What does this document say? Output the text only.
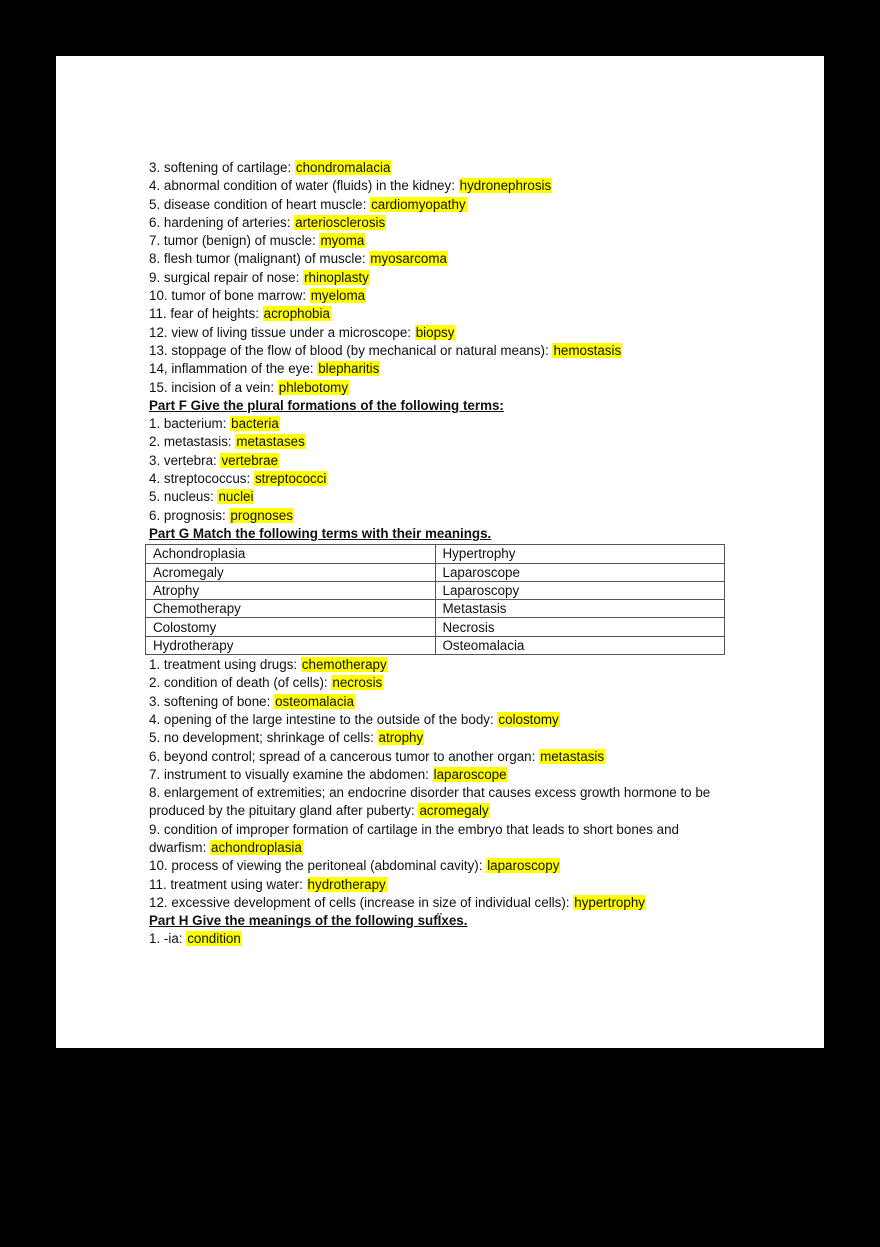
3. softening of cartilage: chondromalacia
4. abnormal condition of water (fluids) in the kidney: hydronephrosis
5. disease condition of heart muscle: cardiomyopathy
6. hardening of arteries: arteriosclerosis
7. tumor (benign) of muscle: myoma
8. flesh tumor (malignant) of muscle: myosarcoma
9. surgical repair of nose: rhinoplasty
10. tumor of bone marrow: myeloma
11. fear of heights: acrophobia
12. view of living tissue under a microscope: biopsy
13. stoppage of the flow of blood (by mechanical or natural means): hemostasis
14, inflammation of the eye: blepharitis
15. incision of a vein: phlebotomy
Part F Give the plural formations of the following terms:
1. bacterium: bacteria
2. metastasis: metastases
3. vertebra: vertebrae
4. streptococcus: streptococci
5. nucleus: nuclei
6. prognosis: prognoses
Part G Match the following terms with their meanings.
Achondroplasia	Hypertrophy
Acromegaly	Laparoscope
Atrophy	Laparoscopy
Chemotherapy	Metastasis
Colostomy	Necrosis
Hydrotherapy	Osteomalacia
1. treatment using drugs: chemotherapy
2. condition of death (of cells): necrosis
3. softening of bone: osteomalacia
4. opening of the large intestine to the outside of the body: colostomy
5. no development; shrinkage of cells: atrophy
6. beyond control; spread of a cancerous tumor to another organ: metastasis
7. instrument to visually examine the abdomen: laparoscope
8. enlargement of extremities; an endocrine disorder that causes excess growth hormone to be produced by the pituitary gland after puberty: acromegaly
9. condition of improper formation of cartilage in the embryo that leads to short bones and dwarfism: achondroplasia
10. process of viewing the peritoneal (abdominal cavity): laparoscopy
11. treatment using water: hydrotherapy
12. excessive development of cells (increase in size of individual cells): hypertrophy
Part H Give the meanings of the following sufÏxes.
1. -ia: condition
